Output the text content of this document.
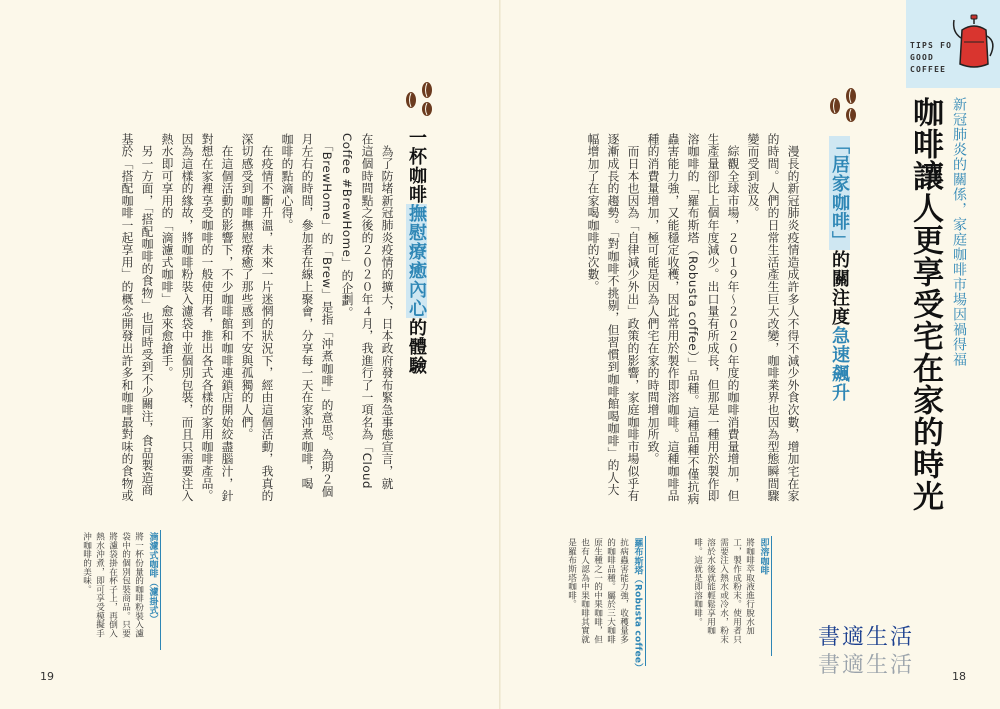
TIPS FO
GOOD
COFFEE
咖啡讓人更享受宅在家的時光 新冠肺炎的關係，家庭咖啡市場因禍得福
「居家咖啡」的關注度急速飆升
　漫長的新冠肺炎疫情造成許多人不得不減少外食次數，增加宅在家
的時間。人們的日常生活產生巨大改變，咖啡業界也因為型態瞬間驟
變而受到波及。
　綜觀全球市場，２０１９年～２０２０年度的咖啡消費量增加，但
生產量卻比上個年度減少。出口量有所成長，但那是一種用於製作即
溶咖啡的「羅布斯塔（Robusta coffee）」品種。這種品種不僅抗病
蟲害能力強，又能穩定收穫，因此常用於製作即溶咖啡。這種咖啡品
種的消費量增加，極可能是因為人們宅在家的時間增加所致。
　而日本也因為「自律減少外出」政策的影響，家庭咖啡市場似乎有
逐漸成長的趨勢。「對咖啡不挑剔，但習慣到咖啡館喝咖啡」的人大
幅增加了在家喝咖啡的次數。
即溶咖啡
將咖啡萃取液進行脫水加
工，製作成粉末。使用者只
需要注入熱水或冷水，粉末
溶於水後就能輕鬆享用咖
啡。這就是即溶咖啡。
羅布斯塔（Robusta coffee）
抗病蟲害能力強，收穫量多
的咖啡品種。屬於三大咖啡
原生種之一的中果咖啡，但
也有人認為中果咖啡其實就
是羅布斯塔咖啡。
一杯咖啡撫慰療癒內心的體驗
　為了防堵新冠肺炎疫情的擴大，日本政府發布緊急事態宣言，就
在這個時間點之後的２０２０年４月，我進行了一項名為「Cloud
Coffee #BrewHome」的企劃。
　「BrewHome」的「Brew」是指「沖煮咖啡」的意思。為期２個
月左右的時間，參加者在線上聚會，分享每一天在家沖煮咖啡，喝
咖啡的點滴心得。
　在疫情不斷升溫，未來一片迷惘的狀況下，經由這個活動，我真的
深切感受到咖啡撫慰療癒了那些感到不安與孤獨的人們。
　在這個活動的影響下，不少咖啡館和咖啡連鎖店開始絞盡腦汁，針
對想在家裡享受咖啡的一般使用者，推出各式各樣的家用咖啡產品。
因為這樣的緣故，將咖啡粉裝入濾袋中並個別包裝，而且只需要注入
熱水即可享用的「滴濾式咖啡」愈來愈搶手。
　另一方面，「搭配咖啡的食物」也同時受到不少關注，食品製造商
基於「搭配咖啡一起享用」的概念開發出許多和咖啡最對味的食物或
滴濾式咖啡（濾掛式）
將一杯份量的咖啡粉裝入濾
袋中的個別包裝商品。只要
將濾袋掛在杯子上，再倒入
熱水沖煮，即可享受模擬手
沖咖啡的美味。
19	18
書適生活
書適生活
